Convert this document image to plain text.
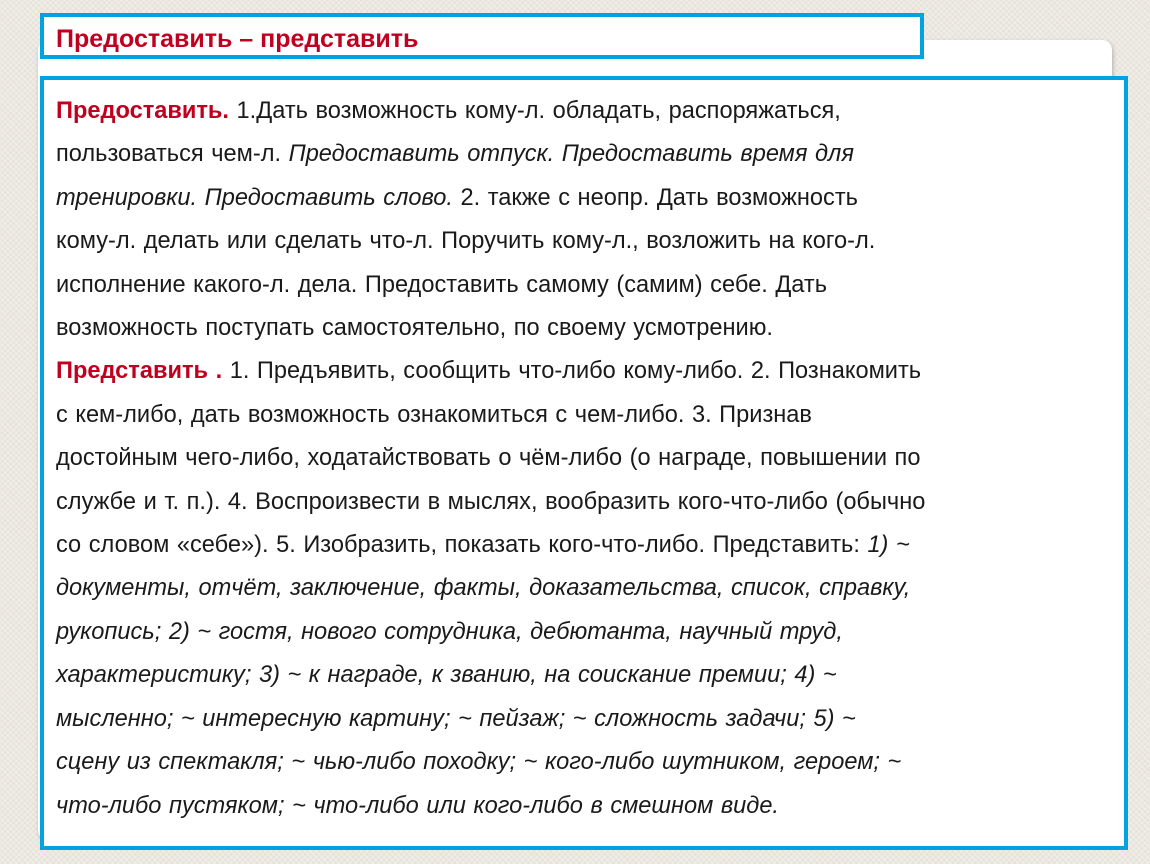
Предоставить – представить
Предоставить. 1.Дать возможность кому-л. обладать, распоряжаться,
пользоваться чем-л. Предоставить отпуск. Предоставить время для
тренировки. Предоставить слово. 2. также с неопр. Дать возможность
кому-л. делать или сделать что-л. Поручить кому-л., возложить на кого-л.
исполнение какого-л. дела. Предоставить самому (самим) себе. Дать
возможность поступать самостоятельно, по своему усмотрению.
Представить . 1. Предъявить, сообщить что-либо кому-либо. 2. Познакомить
с кем-либо, дать возможность ознакомиться с чем-либо. 3. Признав
достойным чего-либо, ходатайствовать о чём-либо (о награде, повышении по
службе и т. п.). 4. Воспроизвести в мыслях, вообразить кого-что-либо (обычно
со словом «себе»). 5. Изобразить, показать кого-что-либо. Представить: 1) ~
документы, отчёт, заключение, факты, доказательства, список, справку,
рукопись; 2) ~ гостя, нового сотрудника, дебютанта, научный труд,
характеристику; 3) ~ к награде, к званию, на соискание премии; 4) ~
мысленно; ~ интересную картину; ~ пейзаж; ~ сложность задачи; 5) ~
сцену из спектакля; ~ чью-либо походку; ~ кого-либо шутником, героем; ~
что-либо пустяком; ~ что-либо или кого-либо в смешном виде.
